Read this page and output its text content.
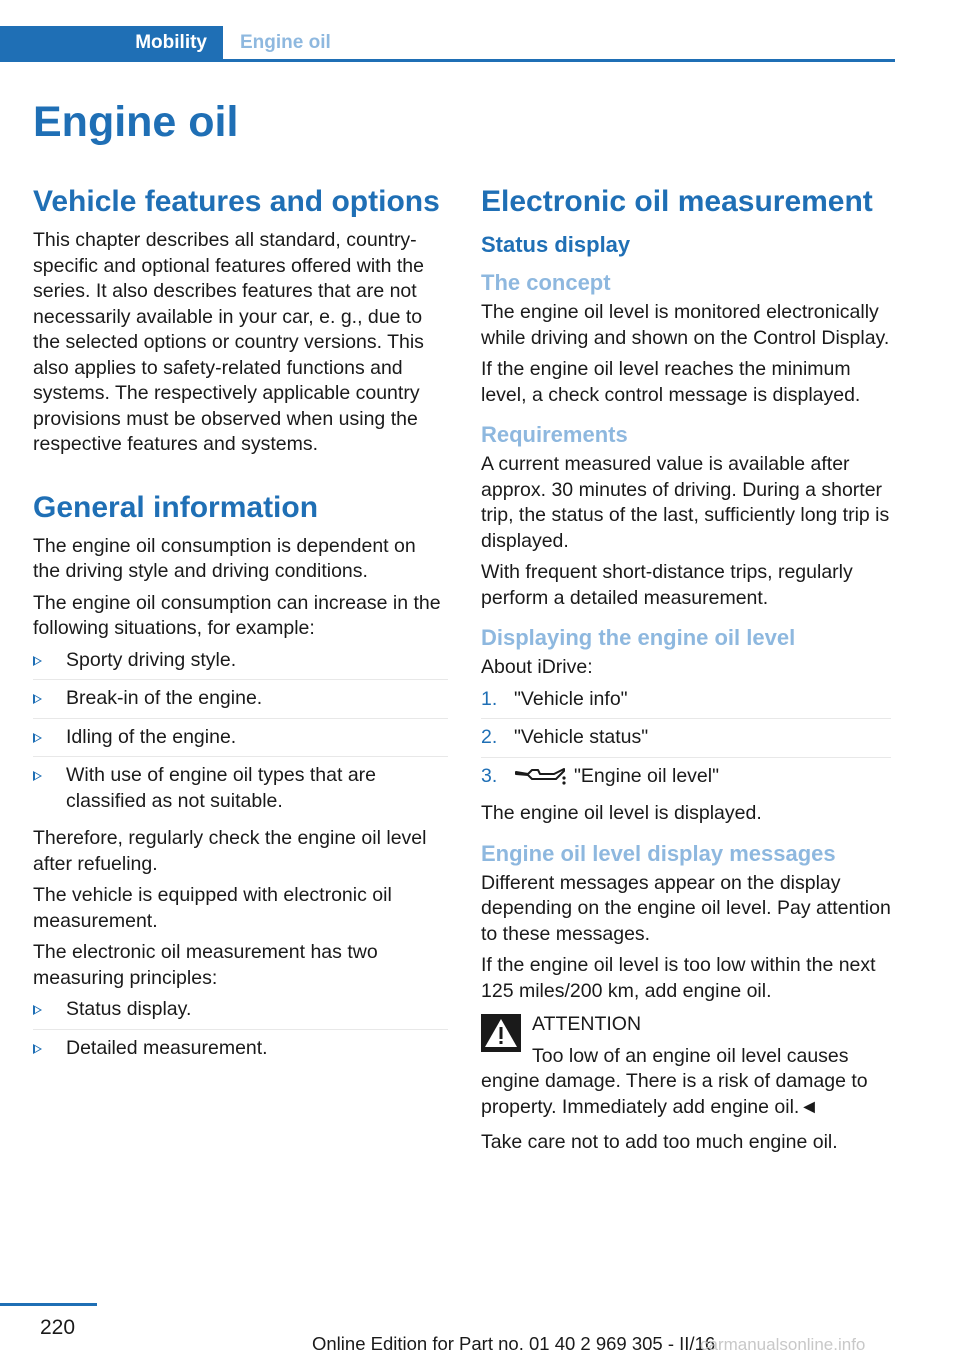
Mobility	Engine oil
Engine oil
Vehicle features and options

This chapter describes all standard, country-specific and optional features offered with the series. It also describes features that are not necessarily available in your car, e. g., due to the selected options or country versions. This also applies to safety-related functions and systems. The respectively applicable country provisions must be observed when using the respective features and systems.

General information

The engine oil consumption is dependent on the driving style and driving conditions.

The engine oil consumption can increase in the following situations, for example:

Sporty driving style.
Break-in of the engine.
Idling of the engine.
With use of engine oil types that are classified as not suitable.

Therefore, regularly check the engine oil level after refueling.

The vehicle is equipped with electronic oil measurement.

The electronic oil measurement has two measuring principles:

Status display.
Detailed measurement.
Electronic oil measurement
Status display
The concept

The engine oil level is monitored electronically while driving and shown on the Control Display.

If the engine oil level reaches the minimum level, a check control message is displayed.

Requirements

A current measured value is available after approx. 30 minutes of driving. During a shorter trip, the status of the last, sufficiently long trip is displayed.

With frequent short-distance trips, regularly perform a detailed measurement.

Displaying the engine oil level

About iDrive:

1. "Vehicle info"
2. "Vehicle status"
3.	"Engine oil level"

The engine oil level is displayed.

Engine oil level display messages

Different messages appear on the display depending on the engine oil level. Pay attention to these messages.

If the engine oil level is too low within the next 125 miles/200 km, add engine oil.

ATTENTION

Too low of an engine oil level causes engine damage. There is a risk of damage to property. Immediately add engine oil.◄

Take care not to add too much engine oil.

220
Online Edition for Part no. 01 40 2 969 305 - II/16
carmanualsonline.info
